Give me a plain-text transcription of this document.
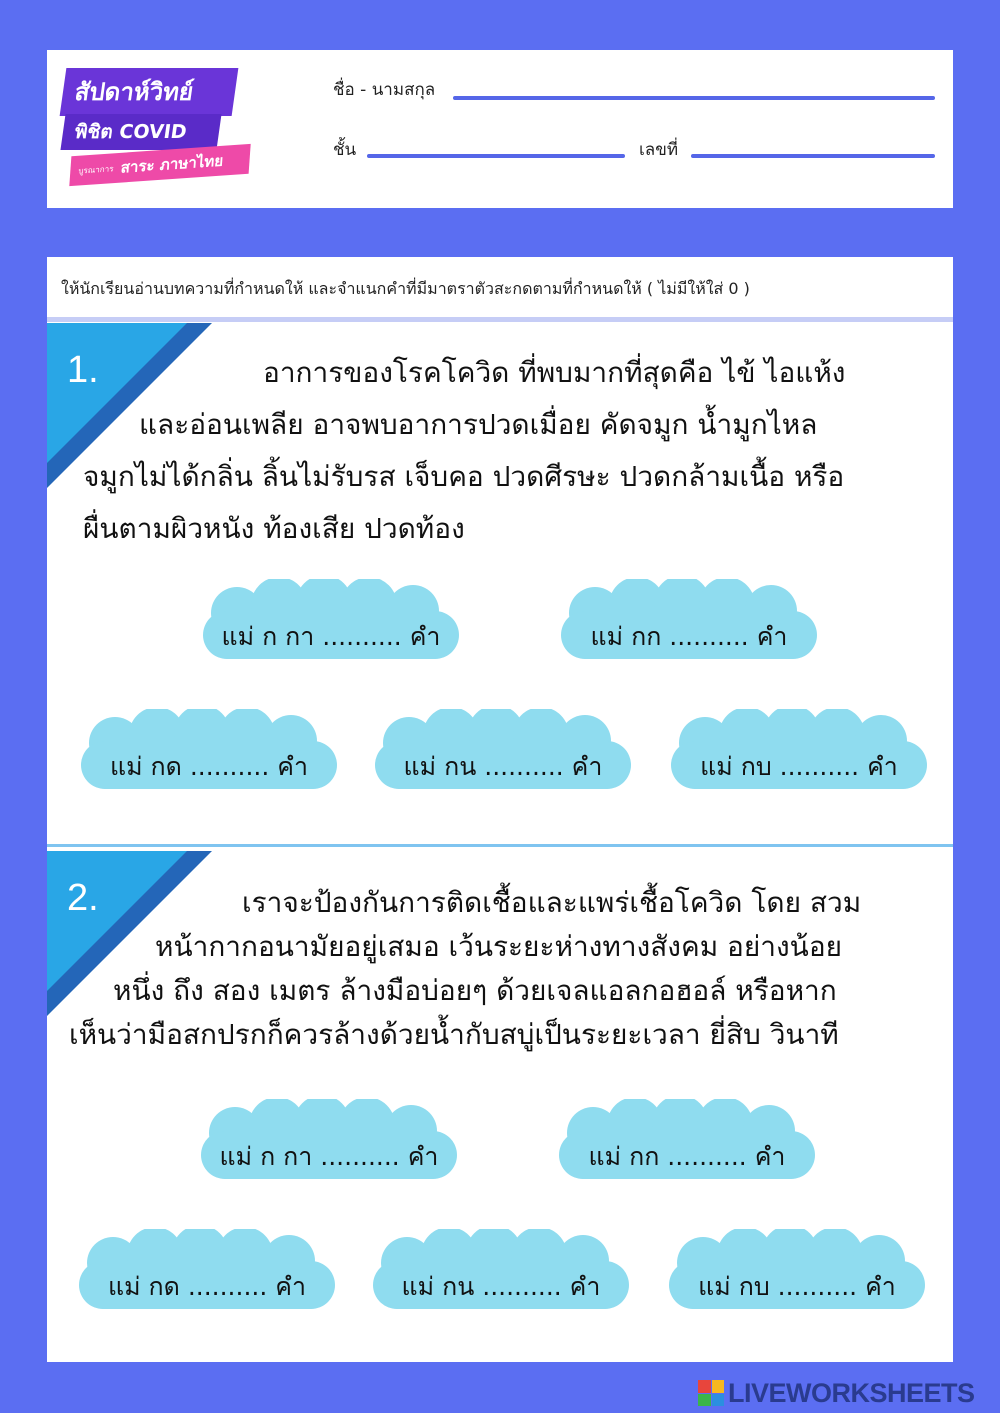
สัปดาห์วิทย์
พิชิต COVID
บูรณาการ สาระ ภาษาไทย
ชื่อ - นามสกุล
ชั้น	เลขที่
ให้นักเรียนอ่านบทความที่กำหนดให้ และจำแนกคำที่มีมาตราตัวสะกดตามที่กำหนดให้ ( ไม่มีให้ใส่ 0 )
1.	อาการของโรคโควิด ที่พบมากที่สุดคือ ไข้ ไอแห้ง
และอ่อนเพลีย อาจพบอาการปวดเมื่อย คัดจมูก น้ำมูกไหล
จมูกไม่ได้กลิ่น ลิ้นไม่รับรส เจ็บคอ ปวดศีรษะ ปวดกล้ามเนื้อ หรือ
ผื่นตามผิวหนัง ท้องเสีย ปวดท้อง
แม่ ก กา .......... คำ	แม่ กก .......... คำ
แม่ กด .......... คำ	แม่ กน .......... คำ	แม่ กบ .......... คำ
2.	เราจะป้องกันการติดเชื้อและแพร่เชื้อโควิด โดย สวม
หน้ากากอนามัยอยู่เสมอ เว้นระยะห่างทางสังคม อย่างน้อย
หนึ่ง ถึง สอง เมตร ล้างมือบ่อยๆ ด้วยเจลแอลกอฮอล์ หรือหาก
เห็นว่ามือสกปรกก็ควรล้างด้วยน้ำกับสบู่เป็นระยะเวลา ยี่สิบ วินาที
แม่ ก กา .......... คำ	แม่ กก .......... คำ
แม่ กด .......... คำ	แม่ กน .......... คำ	แม่ กบ .......... คำ
LIVEWORKSHEETS
